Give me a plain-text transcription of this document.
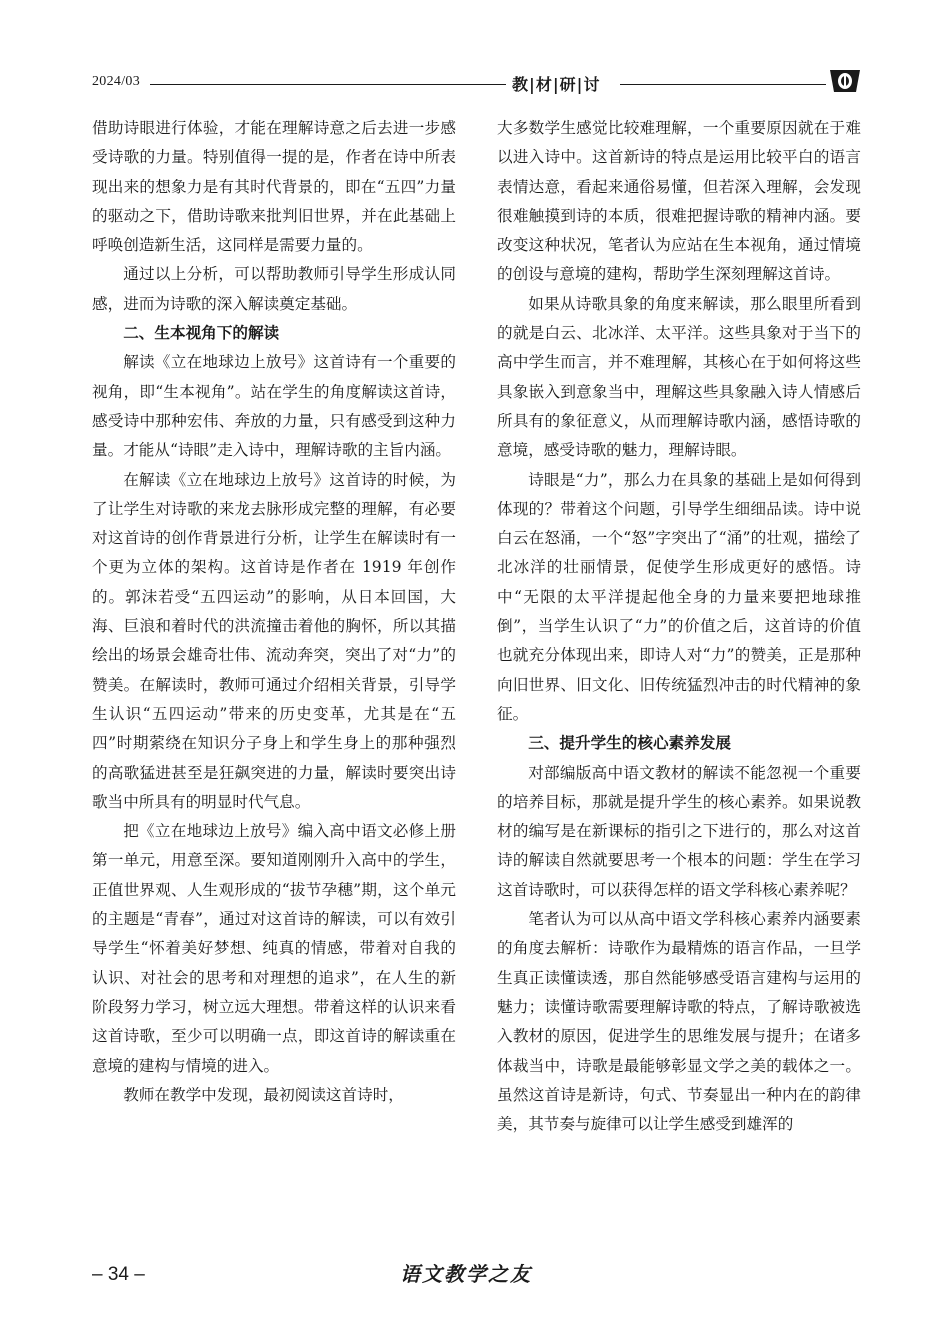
2024/03	教|材|研|讨

借助诗眼进行体验，才能在理解诗意之后去进一步感受诗歌的力量。特别值得一提的是，作者在诗中所表现出来的想象力是有其时代背景的，即在“五四”力量的驱动之下，借助诗歌来批判旧世界，并在此基础上呼唤创造新生活，这同样是需要力量的。

通过以上分析，可以帮助教师引导学生形成认同感，进而为诗歌的深入解读奠定基础。

二、生本视角下的解读

解读《立在地球边上放号》这首诗有一个重要的视角，即“生本视角”。站在学生的角度解读这首诗，感受诗中那种宏伟、奔放的力量，只有感受到这种力量。才能从“诗眼”走入诗中，理解诗歌的主旨内涵。

在解读《立在地球边上放号》这首诗的时候，为了让学生对诗歌的来龙去脉形成完整的理解，有必要对这首诗的创作背景进行分析，让学生在解读时有一个更为立体的架构。这首诗是作者在 1919 年创作的。郭沫若受“五四运动”的影响，从日本回国，大海、巨浪和着时代的洪流撞击着他的胸怀，所以其描绘出的场景会雄奇壮伟、流动奔突，突出了对“力”的赞美。在解读时，教师可通过介绍相关背景，引导学生认识“五四运动”带来的历史变革，尤其是在“五四”时期萦绕在知识分子身上和学生身上的那种强烈的高歌猛进甚至是狂飙突进的力量，解读时要突出诗歌当中所具有的明显时代气息。

把《立在地球边上放号》编入高中语文必修上册第一单元，用意至深。要知道刚刚升入高中的学生，正值世界观、人生观形成的“拔节孕穗”期，这个单元的主题是“青春”，通过对这首诗的解读，可以有效引导学生“怀着美好梦想、纯真的情感，带着对自我的认识、对社会的思考和对理想的追求”，在人生的新阶段努力学习，树立远大理想。带着这样的认识来看这首诗歌，至少可以明确一点，即这首诗的解读重在意境的建构与情境的进入。

教师在教学中发现，最初阅读这首诗时，

大多数学生感觉比较难理解，一个重要原因就在于难以进入诗中。这首新诗的特点是运用比较平白的语言表情达意，看起来通俗易懂，但若深入理解，会发现很难触摸到诗的本质，很难把握诗歌的精神内涵。要改变这种状况，笔者认为应站在生本视角，通过情境的创设与意境的建构，帮助学生深刻理解这首诗。

如果从诗歌具象的角度来解读，那么眼里所看到的就是白云、北冰洋、太平洋。这些具象对于当下的高中学生而言，并不难理解，其核心在于如何将这些具象嵌入到意象当中，理解这些具象融入诗人情感后所具有的象征意义，从而理解诗歌内涵，感悟诗歌的意境，感受诗歌的魅力，理解诗眼。

诗眼是“力”，那么力在具象的基础上是如何得到体现的？带着这个问题，引导学生细细品读。诗中说白云在怒涌，一个“怒”字突出了“涌”的壮观，描绘了北冰洋的壮丽情景，促使学生形成更好的感悟。诗中“无限的太平洋提起他全身的力量来要把地球推倒”，当学生认识了“力”的价值之后，这首诗的价值也就充分体现出来，即诗人对“力”的赞美，正是那种向旧世界、旧文化、旧传统猛烈冲击的时代精神的象征。

三、提升学生的核心素养发展

对部编版高中语文教材的解读不能忽视一个重要的培养目标，那就是提升学生的核心素养。如果说教材的编写是在新课标的指引之下进行的，那么对这首诗的解读自然就要思考一个根本的问题：学生在学习这首诗歌时，可以获得怎样的语文学科核心素养呢？

笔者认为可以从高中语文学科核心素养内涵要素的角度去解析：诗歌作为最精炼的语言作品，一旦学生真正读懂读透，那自然能够感受语言建构与运用的魅力；读懂诗歌需要理解诗歌的特点，了解诗歌被选入教材的原因，促进学生的思维发展与提升；在诸多体裁当中，诗歌是最能够彰显文学之美的载体之一。虽然这首诗是新诗，句式、节奏显出一种内在的韵律美，其节奏与旋律可以让学生感受到雄浑的

– 34 –	语文教学之友
